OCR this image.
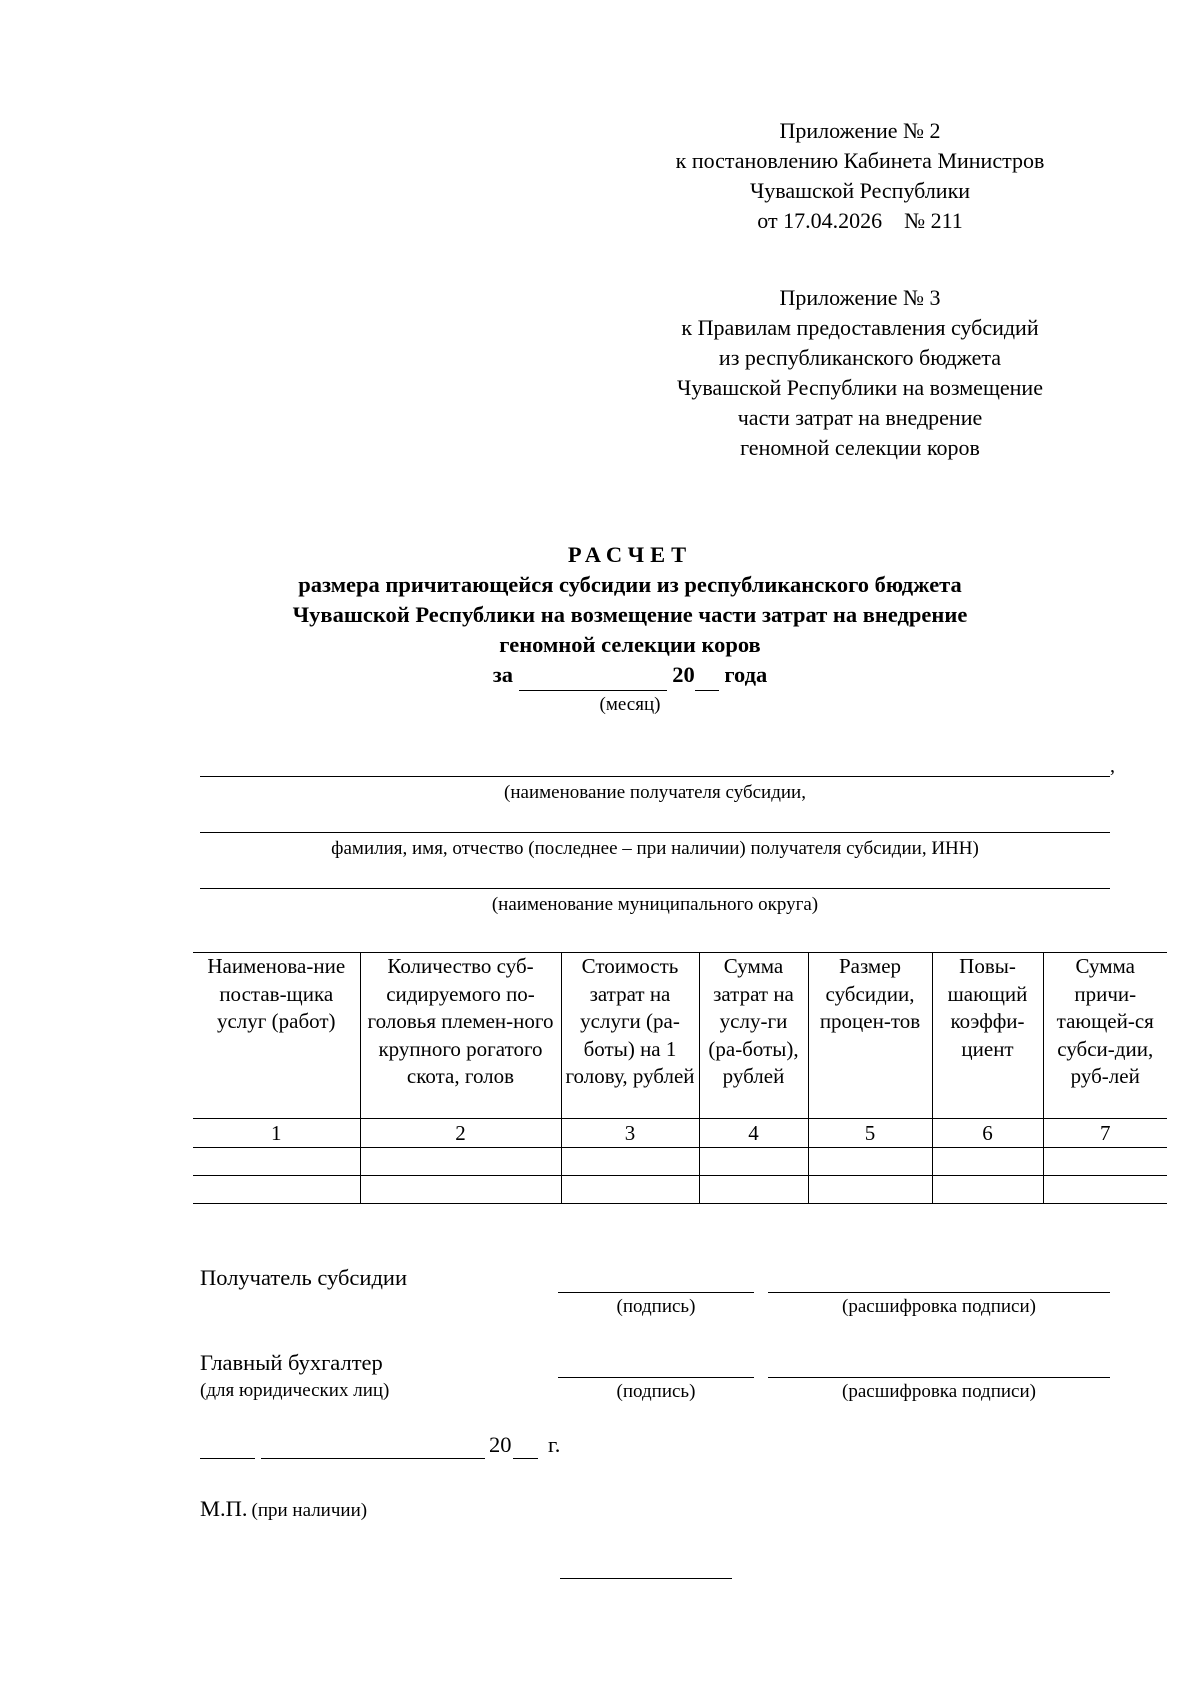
Приложение № 2
к постановлению Кабинета Министров
Чувашской Республики
от 17.04.2026    № 211
Приложение № 3
к Правилам предоставления субсидий
из республиканского бюджета
Чувашской Республики на возмещение
части затрат на внедрение
геномной селекции коров
РАСЧЕТ
размера причитающейся субсидии из республиканского бюджета
Чувашской Республики на возмещение части затрат на внедрение
геномной селекции коров
за	20 года
(месяц)
,
(наименование получателя субсидии,
фамилия, имя, отчество (последнее – при наличии) получателя субсидии, ИНН)
(наименование муниципального округа)
Наименова-ние постав-щика услуг (работ)	Количество суб-сидируемого по-головья племен-ного крупного рогатого скота, голов	Стоимость затрат на услуги (ра-боты) на 1 голову, рублей	Сумма затрат на услу-ги (ра-боты), рублей	Размер субсидии, процен-тов	Повы-шающий коэффи-циент	Сумма причи-тающей-ся субси-дии, руб-лей
1	2	3	4	5	6	7

Получатель субсидии
(подпись)	(расшифровка подписи)
Главный бухгалтер
(для юридических лиц)	(подпись)	(расшифровка подписи)
20 г.
М.П. (при наличии)
